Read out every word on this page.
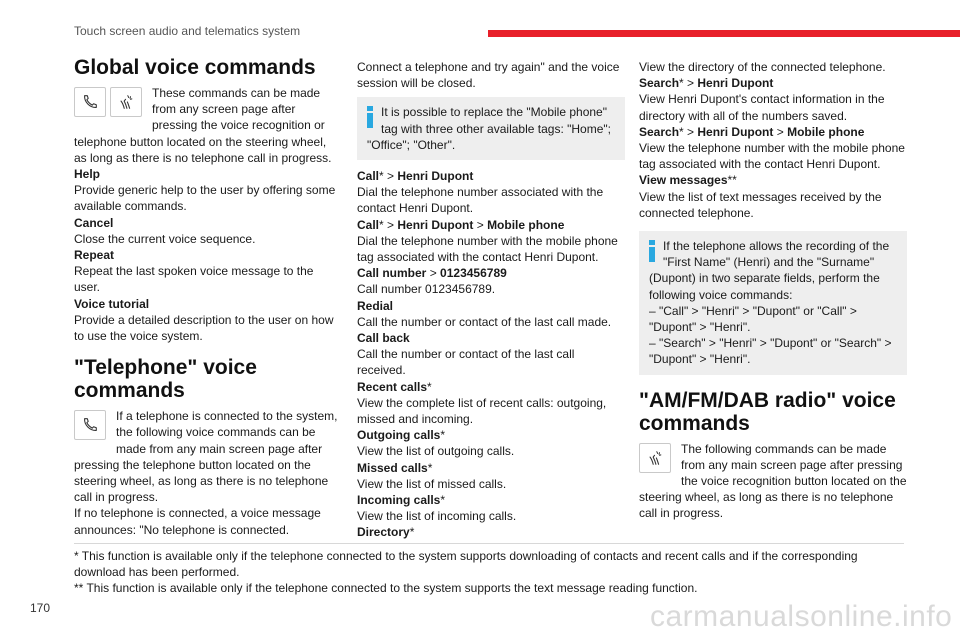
Touch screen audio and telematics system
Global voice commands

These commands can be made from any screen page after pressing the voice recognition or telephone button located on the steering wheel, as long as there is no telephone call in progress.

Help

Provide generic help to the user by offering some available commands.

Cancel

Close the current voice sequence.

Repeat

Repeat the last spoken voice message to the user.

Voice tutorial

Provide a detailed description to the user on how to use the voice system.

"Telephone" voice commands

If a telephone is connected to the system, the following voice commands can be made from any main screen page after pressing the telephone button located on the steering wheel, as long as there is no telephone call in progress.

If no telephone is connected, a voice message announces: "No telephone is connected.

Connect a telephone and try again" and the voice session will be closed.

It is possible to replace the "Mobile phone" tag with three other available tags: "Home"; "Office"; "Other".

Call* > Henri Dupont

Dial the telephone number associated with the contact Henri Dupont.

Call* > Henri Dupont > Mobile phone

Dial the telephone number with the mobile phone tag associated with the contact Henri Dupont.

Call number > 0123456789

Call number 0123456789.

Redial

Call the number or contact of the last call made.

Call back

Call the number or contact of the last call received.

Recent calls*

View the complete list of recent calls: outgoing, missed and incoming.

Outgoing calls*

View the list of outgoing calls.

Missed calls*

View the list of missed calls.

Incoming calls*

View the list of incoming calls.

Directory*

View the directory of the connected telephone.

Search* > Henri Dupont

View Henri Dupont's contact information in the directory with all of the numbers saved.

Search* > Henri Dupont > Mobile phone

View the telephone number with the mobile phone tag associated with the contact Henri Dupont.

View messages**

View the list of text messages received by the connected telephone.

If the telephone allows the recording of the "First Name" (Henri) and the "Surname" (Dupont) in two separate fields, perform the following voice commands:

– "Call" > "Henri" > "Dupont" or "Call" > "Dupont" > "Henri".

– "Search" > "Henri" > "Dupont" or "Search" > "Dupont" > "Henri".

"AM/FM/DAB radio" voice commands

The following commands can be made from any main screen page after pressing the voice recognition button located on the steering wheel, as long as there is no telephone call in progress.

* This function is available only if the telephone connected to the system supports downloading of contacts and recent calls and if the corresponding download has been performed.

** This function is available only if the telephone connected to the system supports the text message reading function.

170	carmanualsonline.info
